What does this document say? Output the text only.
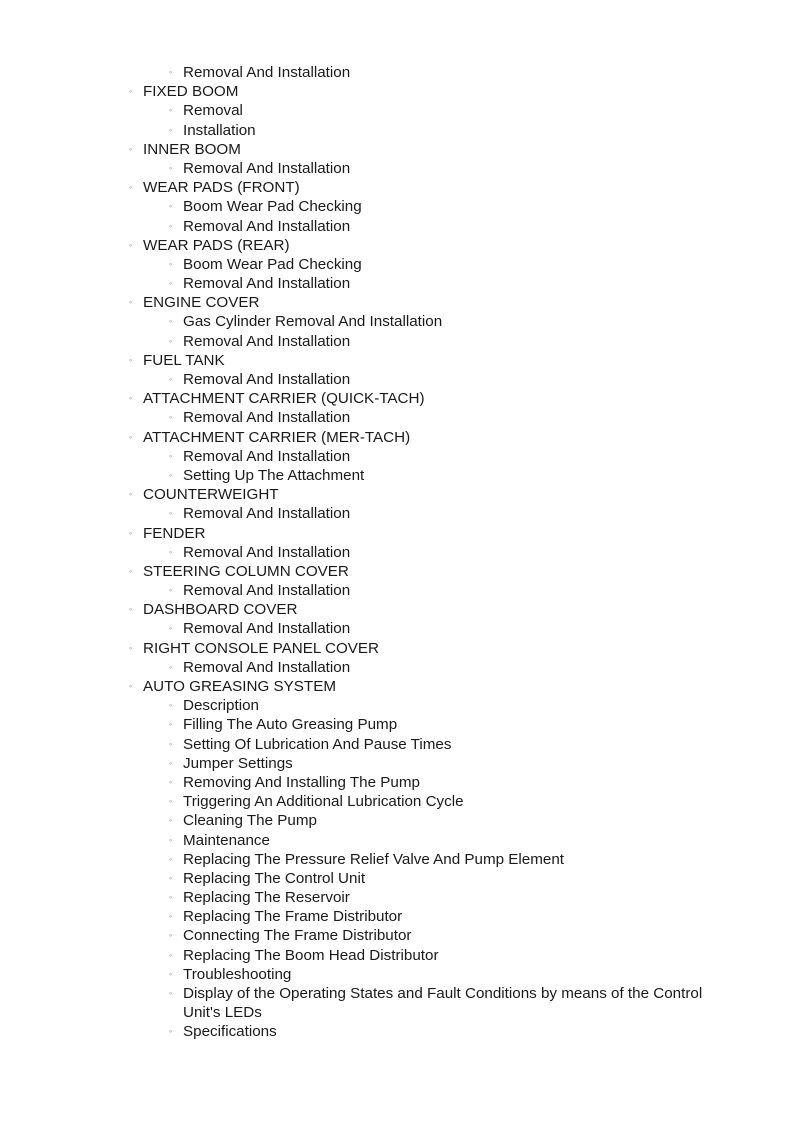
◦ Removal And Installation
◦ FIXED BOOM
◦ Removal
◦ Installation
◦ INNER BOOM
◦ Removal And Installation
◦ WEAR PADS (FRONT)
◦ Boom Wear Pad Checking
◦ Removal And Installation
◦ WEAR PADS (REAR)
◦ Boom Wear Pad Checking
◦ Removal And Installation
◦ ENGINE COVER
◦ Gas Cylinder Removal And Installation
◦ Removal And Installation
◦ FUEL TANK
◦ Removal And Installation
◦ ATTACHMENT CARRIER (QUICK-TACH)
◦ Removal And Installation
◦ ATTACHMENT CARRIER (MER-TACH)
◦ Removal And Installation
◦ Setting Up The Attachment
◦ COUNTERWEIGHT
◦ Removal And Installation
◦ FENDER
◦ Removal And Installation
◦ STEERING COLUMN COVER
◦ Removal And Installation
◦ DASHBOARD COVER
◦ Removal And Installation
◦ RIGHT CONSOLE PANEL COVER
◦ Removal And Installation
◦ AUTO GREASING SYSTEM
◦ Description
◦ Filling The Auto Greasing Pump
◦ Setting Of Lubrication And Pause Times
◦ Jumper Settings
◦ Removing And Installing The Pump
◦ Triggering An Additional Lubrication Cycle
◦ Cleaning The Pump
◦ Maintenance
◦ Replacing The Pressure Relief Valve And Pump Element
◦ Replacing The Control Unit
◦ Replacing The Reservoir
◦ Replacing The Frame Distributor
◦ Connecting The Frame Distributor
◦ Replacing The Boom Head Distributor
◦ Troubleshooting
◦ Display of the Operating States and Fault Conditions by means of the Control Unit's LEDs
◦ Specifications
